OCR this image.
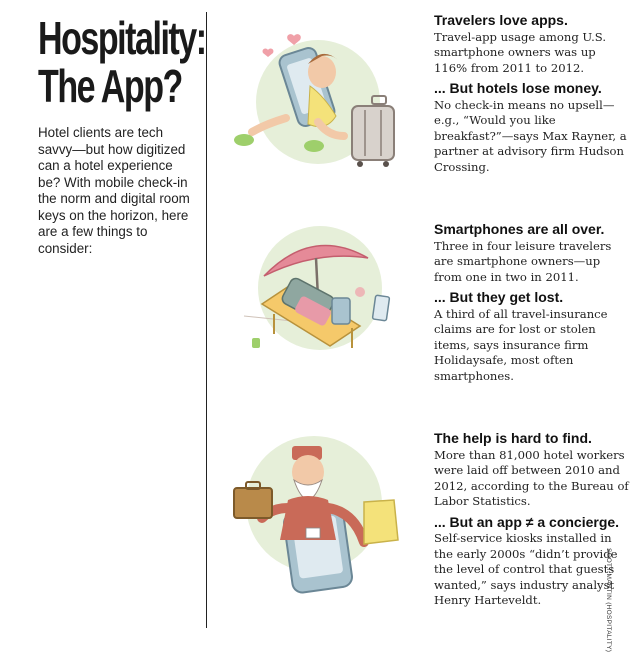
Hospitality:
The App?
Hotel clients are tech savvy—but how digitized can a hotel experience be? With mobile check-in the norm and digital room keys on the horizon, here are a few things to consider:

Travelers love apps.
Travel-app usage among U.S. smartphone owners was up 116% from 2011 to 2012.

... But hotels lose money.
No check-in means no upsell—e.g., “Would you like breakfast?”—says Max Rayner, a partner at advisory firm Hudson Crossing.

Smartphones are all over. Three in four leisure travelers are smartphone owners—up from one in two in 2011.

... But they get lost.
A third of all travel-insurance claims are for lost or stolen items, says insurance firm Holidaysafe, most often smartphones.

The help is hard to find.
More than 81,000 hotel workers were laid off between 2010 and 2012, according to the Bureau of Labor Statistics.

... But an app ≠ a concierge. Self-service kiosks installed in the early 2000s “didn’t provide the level of control that guests wanted,” says industry analyst Henry Harteveldt.	SCOTT MARTIN (HOSPITALITY)
